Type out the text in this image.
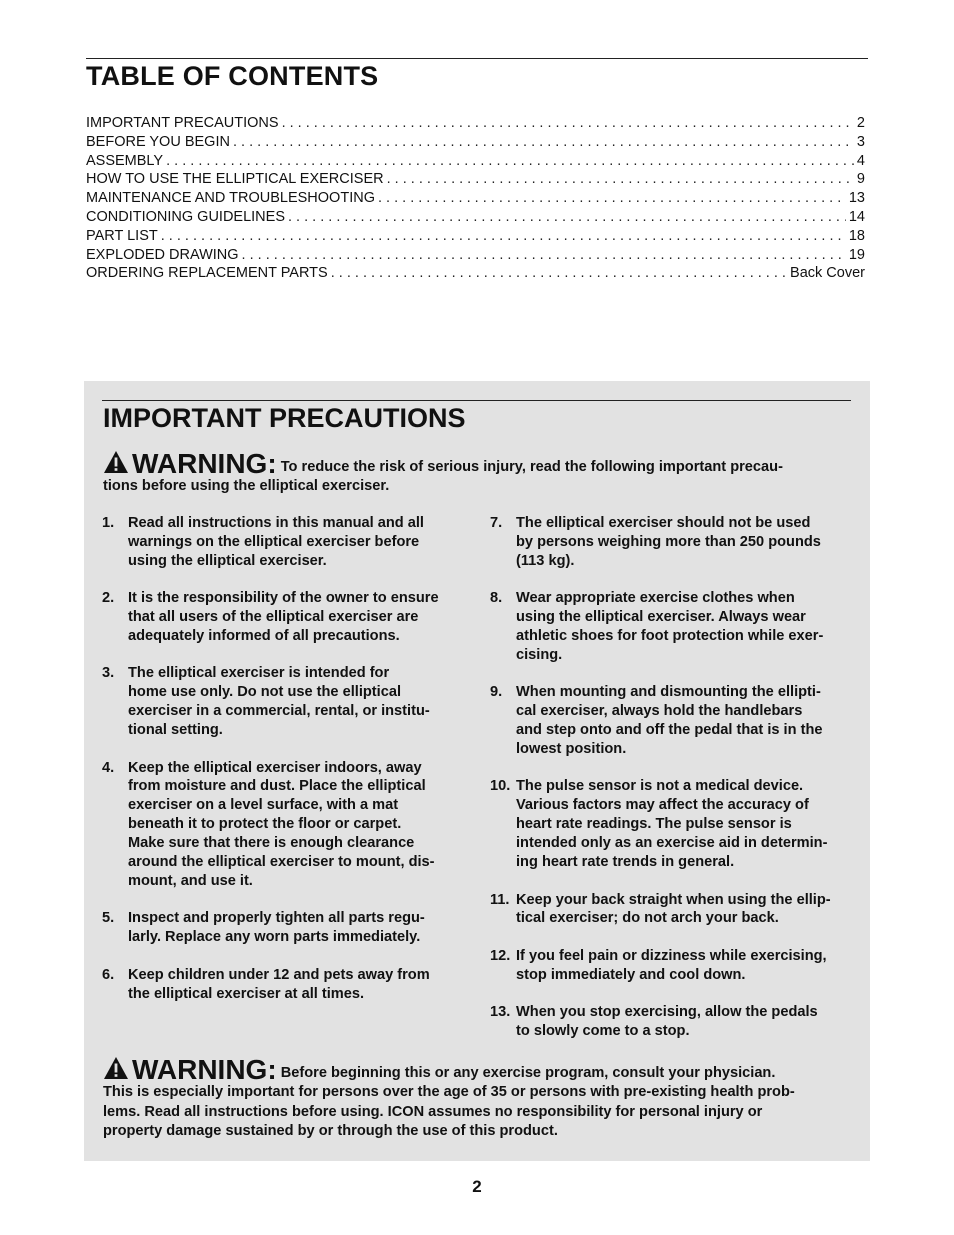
TABLE OF CONTENTS
IMPORTANT PRECAUTIONS . . .	2
BEFORE YOU BEGIN . . .	3
ASSEMBLY . . .	4
HOW TO USE THE ELLIPTICAL EXERCISER . . .	9
MAINTENANCE AND TROUBLESHOOTING . . .	13
CONDITIONING GUIDELINES . . .	14
PART LIST . . .	18
EXPLODED DRAWING . . .	19
ORDERING REPLACEMENT PARTS . . .	Back Cover
IMPORTANT PRECAUTIONS
WARNING: To reduce the risk of serious injury, read the following important precau-
tions before using the elliptical exerciser.
1. Read all instructions in this manual and all
warnings on the elliptical exerciser before
using the elliptical exerciser.
2. It is the responsibility of the owner to ensure
that all users of the elliptical exerciser are
adequately informed of all precautions.
3. The elliptical exerciser is intended for
home use only. Do not use the elliptical
exerciser in a commercial, rental, or institu-
tional setting.
4. Keep the elliptical exerciser indoors, away
from moisture and dust. Place the elliptical
exerciser on a level surface, with a mat
beneath it to protect the floor or carpet.
Make sure that there is enough clearance
around the elliptical exerciser to mount, dis-
mount, and use it.
5. Inspect and properly tighten all parts regu-
larly. Replace any worn parts immediately.
6. Keep children under 12 and pets away from
the elliptical exerciser at all times.
7. The elliptical exerciser should not be used
by persons weighing more than 250 pounds
(113 kg).
8. Wear appropriate exercise clothes when
using the elliptical exerciser. Always wear
athletic shoes for foot protection while exer-
cising.
9. When mounting and dismounting the ellipti-
cal exerciser, always hold the handlebars
and step onto and off the pedal that is in the
lowest position.
10. The pulse sensor is not a medical device.
Various factors may affect the accuracy of
heart rate readings. The pulse sensor is
intended only as an exercise aid in determin-
ing heart rate trends in general.
11. Keep your back straight when using the ellip-
tical exerciser; do not arch your back.
12. If you feel pain or dizziness while exercising,
stop immediately and cool down.
13. When you stop exercising, allow the pedals
to slowly come to a stop.
WARNING: Before beginning this or any exercise program, consult your physician.
This is especially important for persons over the age of 35 or persons with pre-existing health prob-
lems. Read all instructions before using. ICON assumes no responsibility for personal injury or
property damage sustained by or through the use of this product.
2
